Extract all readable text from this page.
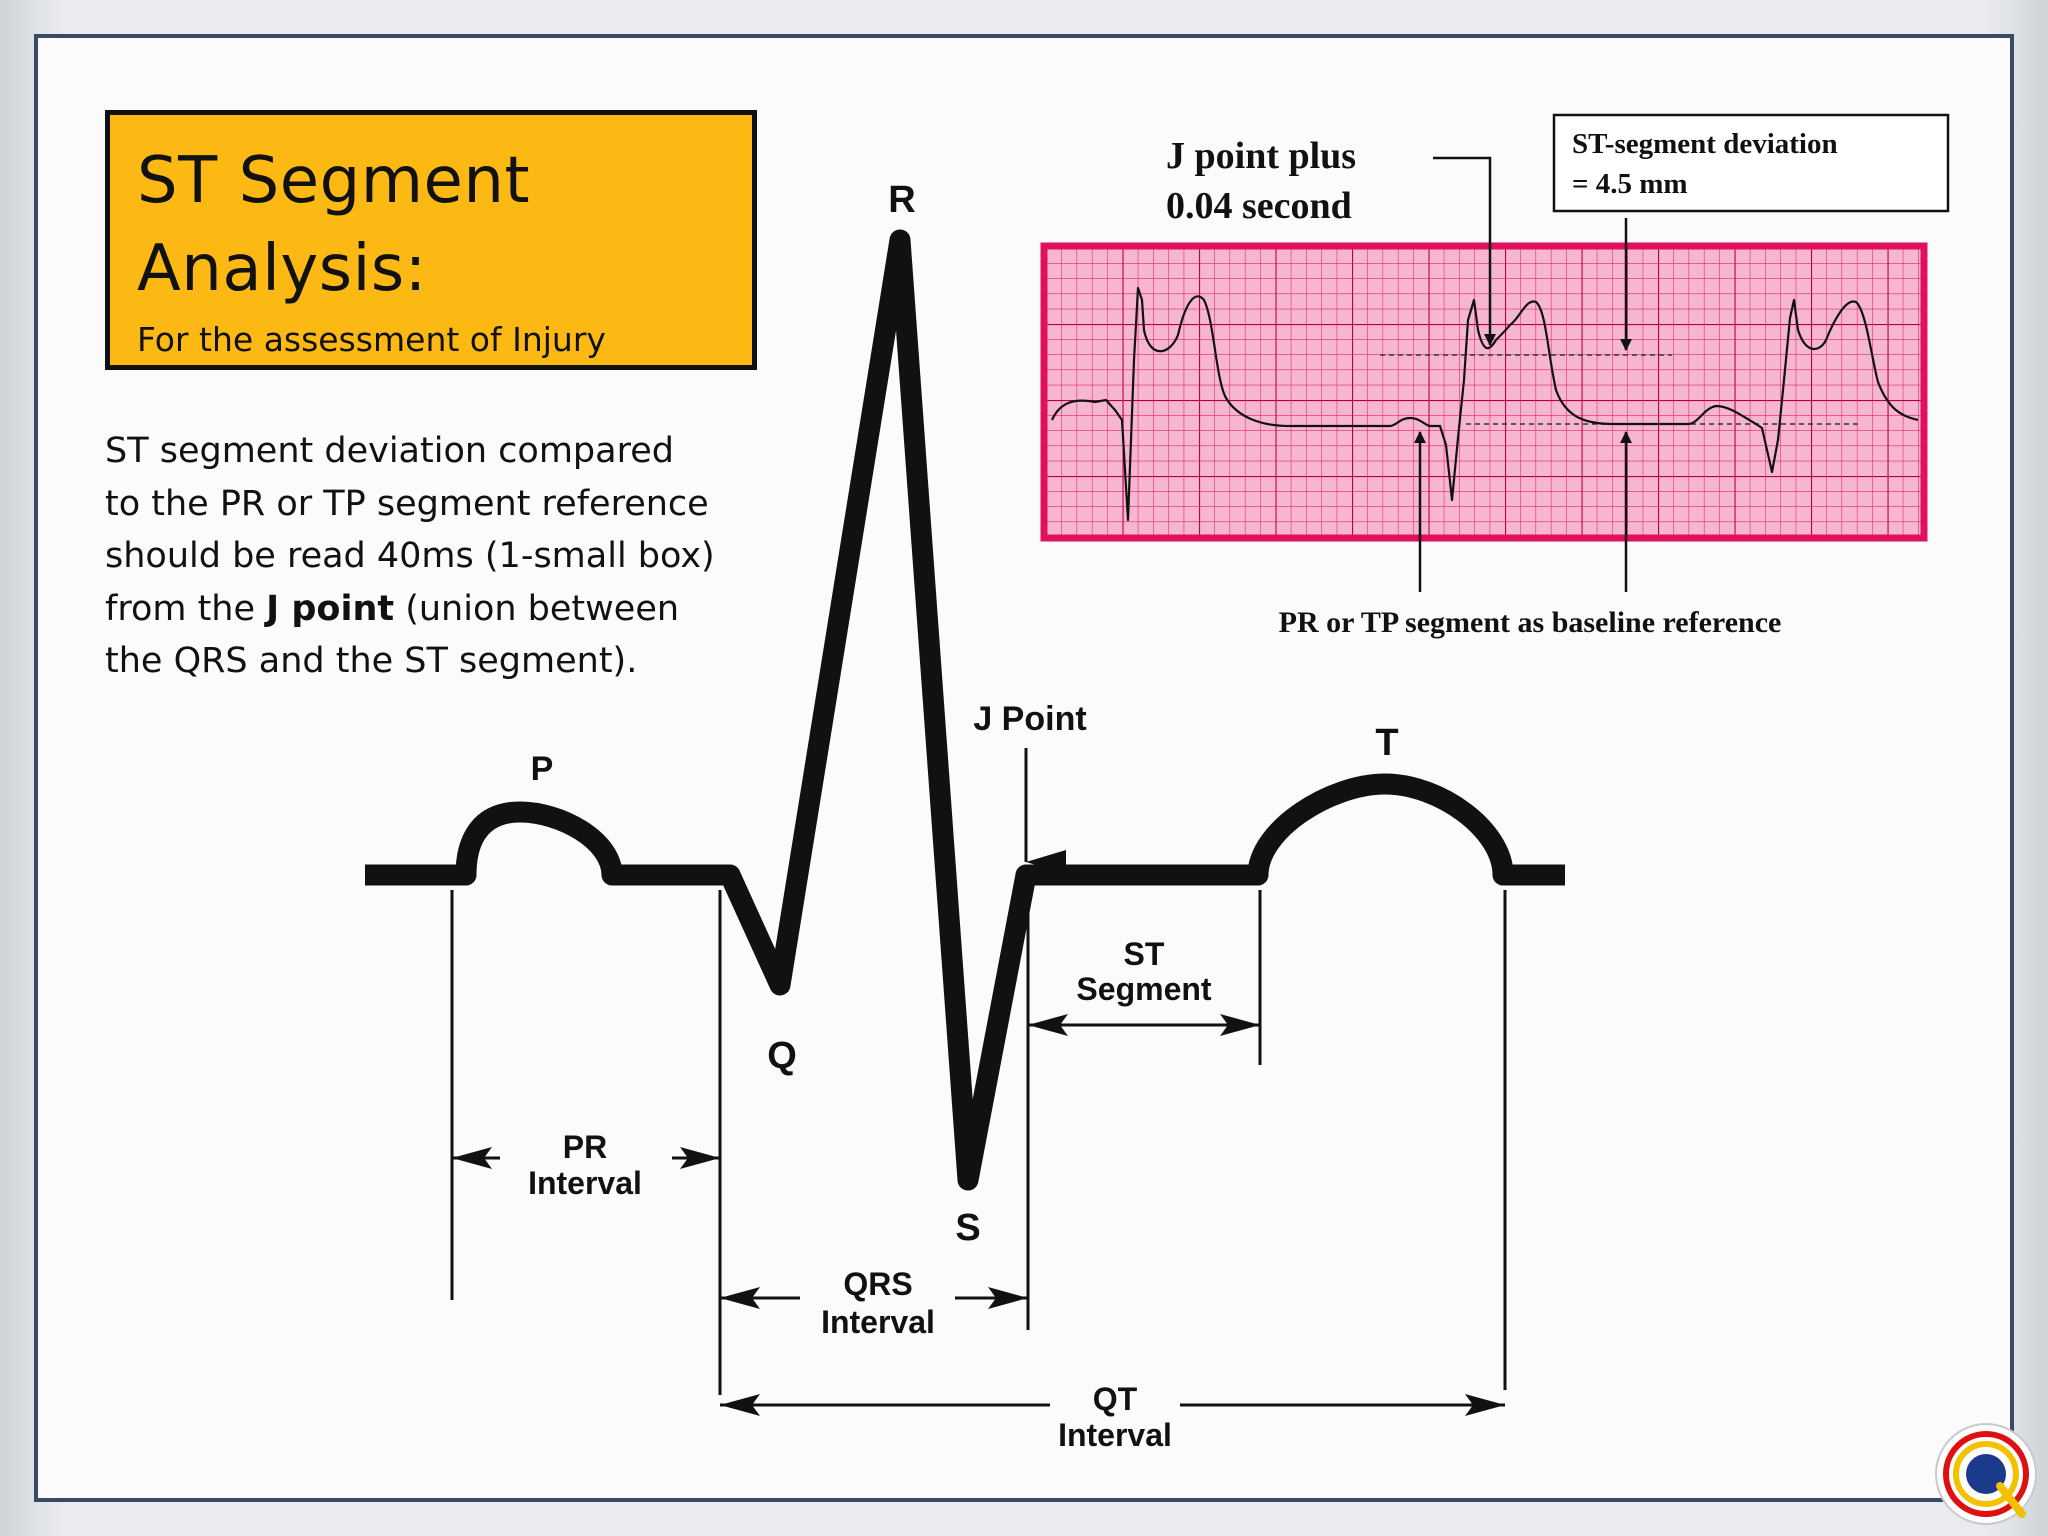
ST Segment
Analysis:
For the assessment of Injury

ST segment deviation compared
to the PR or TP segment reference
should be read 40ms (1-small box)
from the J point (union between
the QRS and the ST segment).

P
R
Q
S
T
J Point
PR
Interval
QRS
Interval
ST
Segment
QT
Interval
J point plus
0.04 second
ST-segment deviation
= 4.5 mm
PR or TP segment as baseline reference
